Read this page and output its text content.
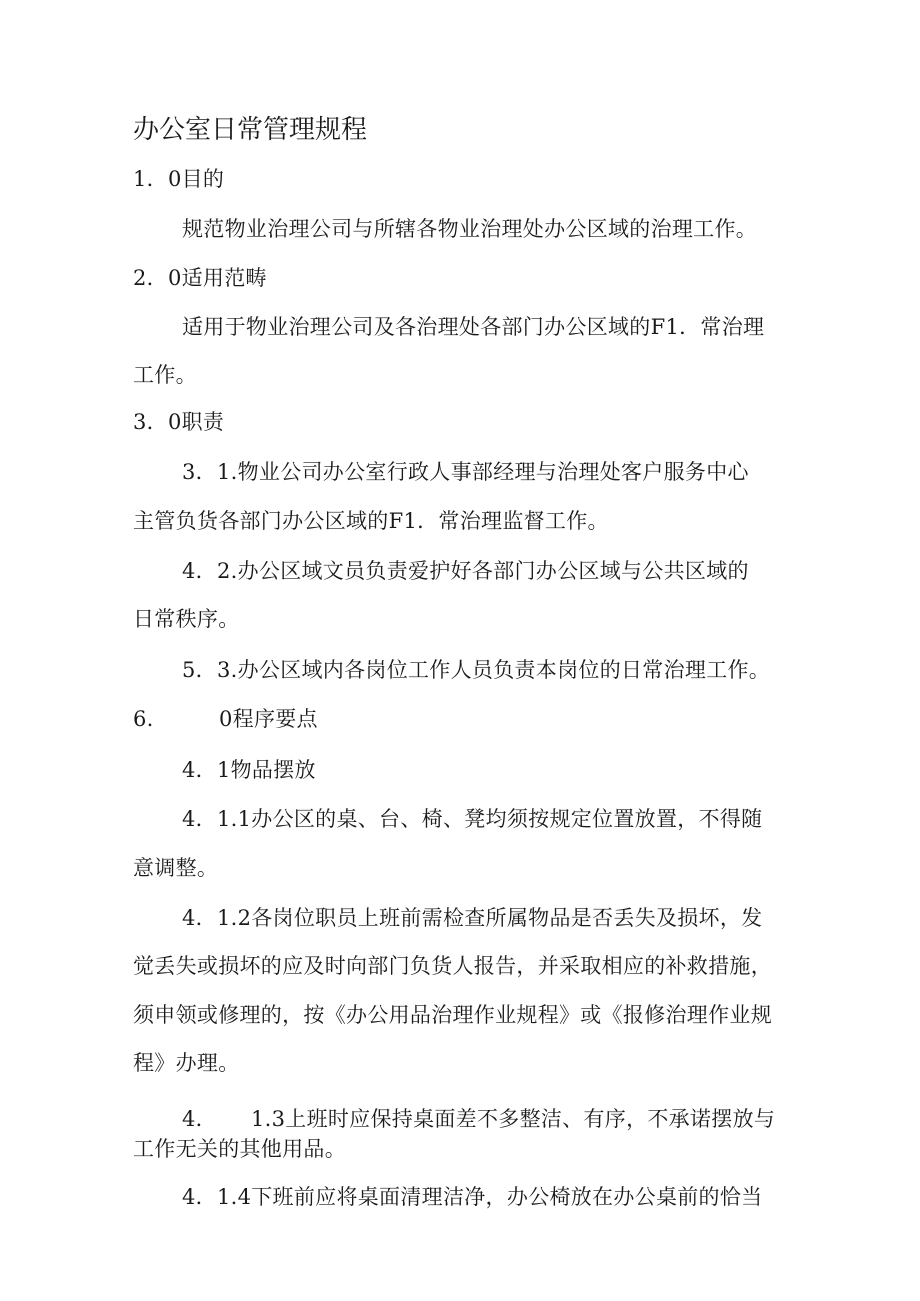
办公室日常管理规程
1．0目的
规范物业治理公司与所辖各物业治理处办公区域的治理工作。
2．0适用范畴
适用于物业治理公司及各治理处各部门办公区域的F1．常治理
工作。
3．0职责
3．1.物业公司办公室行政人事部经理与治理处客户服务中心
主管负货各部门办公区域的F1．常治理监督工作。
4．2.办公区域文员负责爱护好各部门办公区域与公共区域的
日常秩序。
5．3.办公区域内各岗位工作人员负责本岗位的日常治理工作。
6.	0程序要点
4．1物品摆放
4．1.1办公区的桌、台、椅、凳均须按规定位置放置，不得随
意调整。
4．1.2各岗位职员上班前需检查所属物品是否丢失及损坏，发
觉丢失或损坏的应及时向部门负货人报告，并采取相应的补救措施，
须申领或修理的，按《办公用品治理作业规程》或《报修治理作业规
程》办理。
4． 1.3上班时应保持桌面差不多整洁、有序，不承诺摆放与
工作无关的其他用品。
4．1.4下班前应将桌面清理洁净，办公椅放在办公桌前的恰当
